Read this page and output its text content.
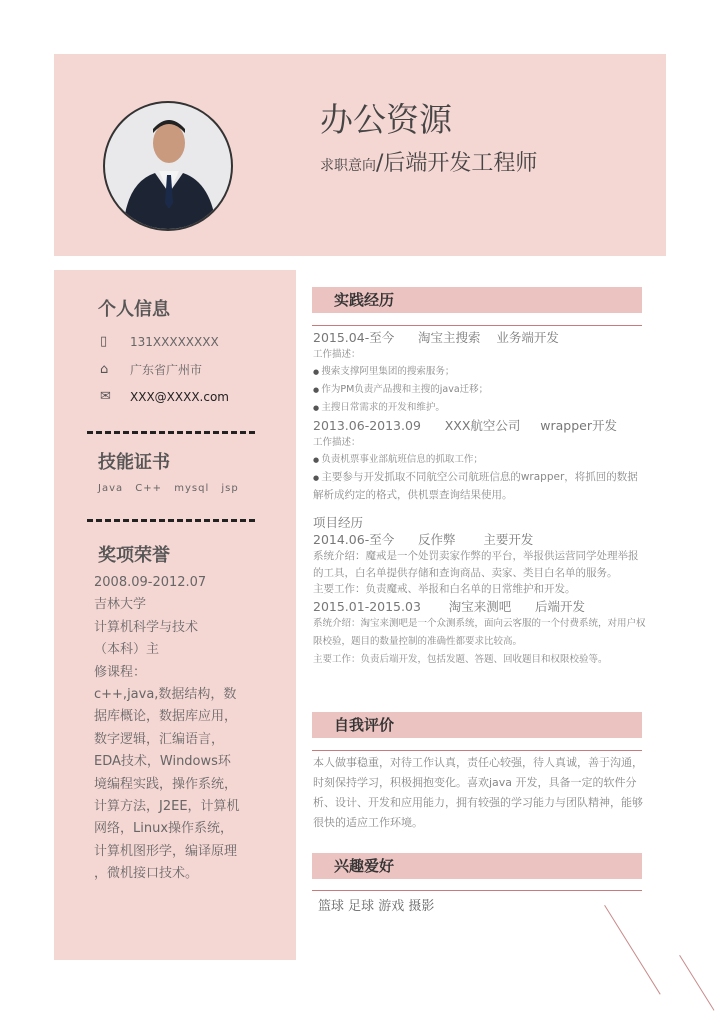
办公资源
求职意向/后端开发工程师
个人信息
▯	131XXXXXXXX
⌂	广东省广州市
✉	XXX@XXXX.com
技能证书
Java C++ mysql jsp
奖项荣誉
2008.09-2012.07
吉林大学
计算机科学与技术
（本科）主
修课程：
c++,java,数据结构，数
据库概论，数据库应用，
数字逻辑，汇编语言，
EDA技术，Windows环
境编程实践，操作系统，
计算方法，J2EE，计算机
网络，Linux操作系统，
计算机图形学，编译原理
，微机接口技术。
实践经历
2015.04-至今      淘宝主搜索    业务端开发
工作描述：
● 搜索支撑阿里集团的搜索服务；
● 作为PM负责产品搜和主搜的java迁移；
● 主搜日常需求的开发和维护。
2013.06-2013.09      XXX航空公司     wrapper开发
工作描述：
● 负责机票事业部航班信息的抓取工作；
● 主要参与开发抓取不同航空公司航班信息的wrapper，将抓回的数据解析成约定的格式，供机票查询结果使用。
项目经历
2014.06-至今      反作弊       主要开发
系统介绍：魔戒是一个处罚卖家作弊的平台，举报供运营同学处理举报的工具，白名单提供存储和查询商品、卖家、类目白名单的服务。
主要工作：负责魔戒、举报和白名单的日常维护和开发。
2015.01-2015.03       淘宝来测吧      后端开发
系统介绍：淘宝来测吧是一个众测系统，面向云客服的一个付费系统，对用户权限校验，题目的数量控制的准确性都要求比较高。
主要工作：负责后端开发，包括发题、答题、回收题目和权限校验等。
自我评价
本人做事稳重，对待工作认真，责任心较强，待人真诚，善于沟通，时刻保持学习，积极拥抱变化。喜欢java 开发，具备一定的软件分析、设计、开发和应用能力，拥有较强的学习能力与团队精神，能够很快的适应工作环境。
兴趣爱好
篮球 足球 游戏 摄影
